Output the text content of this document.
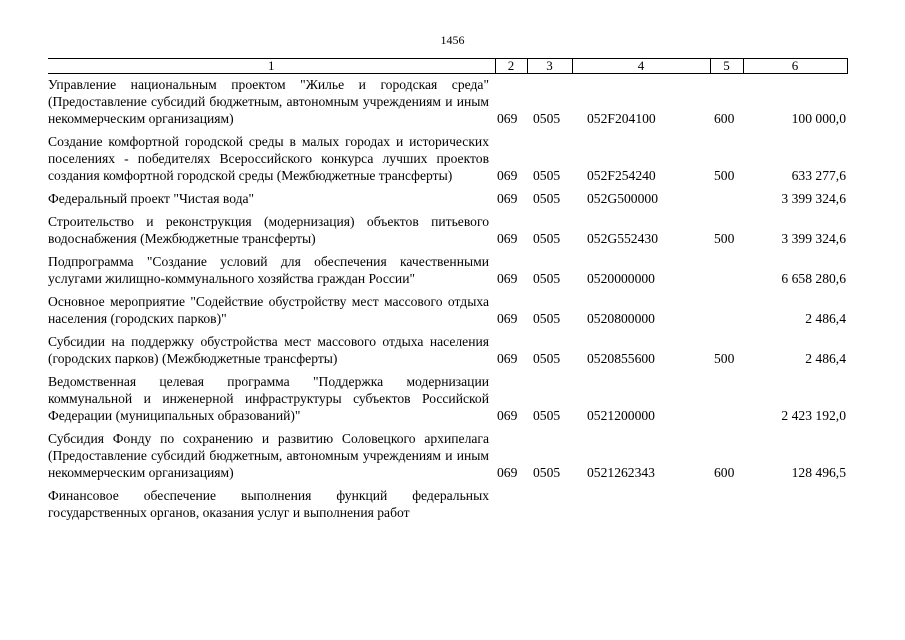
1456
1	2	3	4	5	6

Управление национальным проектом "Жилье и городская среда" (Предоставление субсидий бюджетным, автономным учреждениям и иным некоммерческим организациям)	069	0505	052F204100	600	100 000,0

Создание комфортной городской среды в малых городах и исторических поселениях - победителях Всероссийского конкурса лучших проектов создания комфортной городской среды (Межбюджетные трансферты)	069	0505	052F254240	500	633 277,6

Федеральный проект "Чистая вода"	069	0505	052G500000		3 399 324,6

Строительство и реконструкция (модернизация) объектов питьевого водоснабжения (Межбюджетные трансферты)	069	0505	052G552430	500	3 399 324,6

Подпрограмма "Создание условий для обеспечения качественными услугами жилищно-коммунального хозяйства граждан России"	069	0505	0520000000		6 658 280,6

Основное мероприятие "Содействие обустройству мест массового отдыха населения (городских парков)"	069	0505	0520800000		2 486,4

Субсидии на поддержку обустройства мест массового отдыха населения (городских парков) (Межбюджетные трансферты)	069	0505	0520855600	500	2 486,4

Ведомственная целевая программа "Поддержка модернизации коммунальной и инженерной инфраструктуры субъектов Российской Федерации (муниципальных образований)"	069	0505	0521200000		2 423 192,0

Субсидия Фонду по сохранению и развитию Соловецкого архипелага (Предоставление субсидий бюджетным, автономным учреждениям и иным некоммерческим организациям)	069	0505	0521262343	600	128 496,5

Финансовое обеспечение выполнения функций федеральных государственных органов, оказания услуг и выполнения работ					
